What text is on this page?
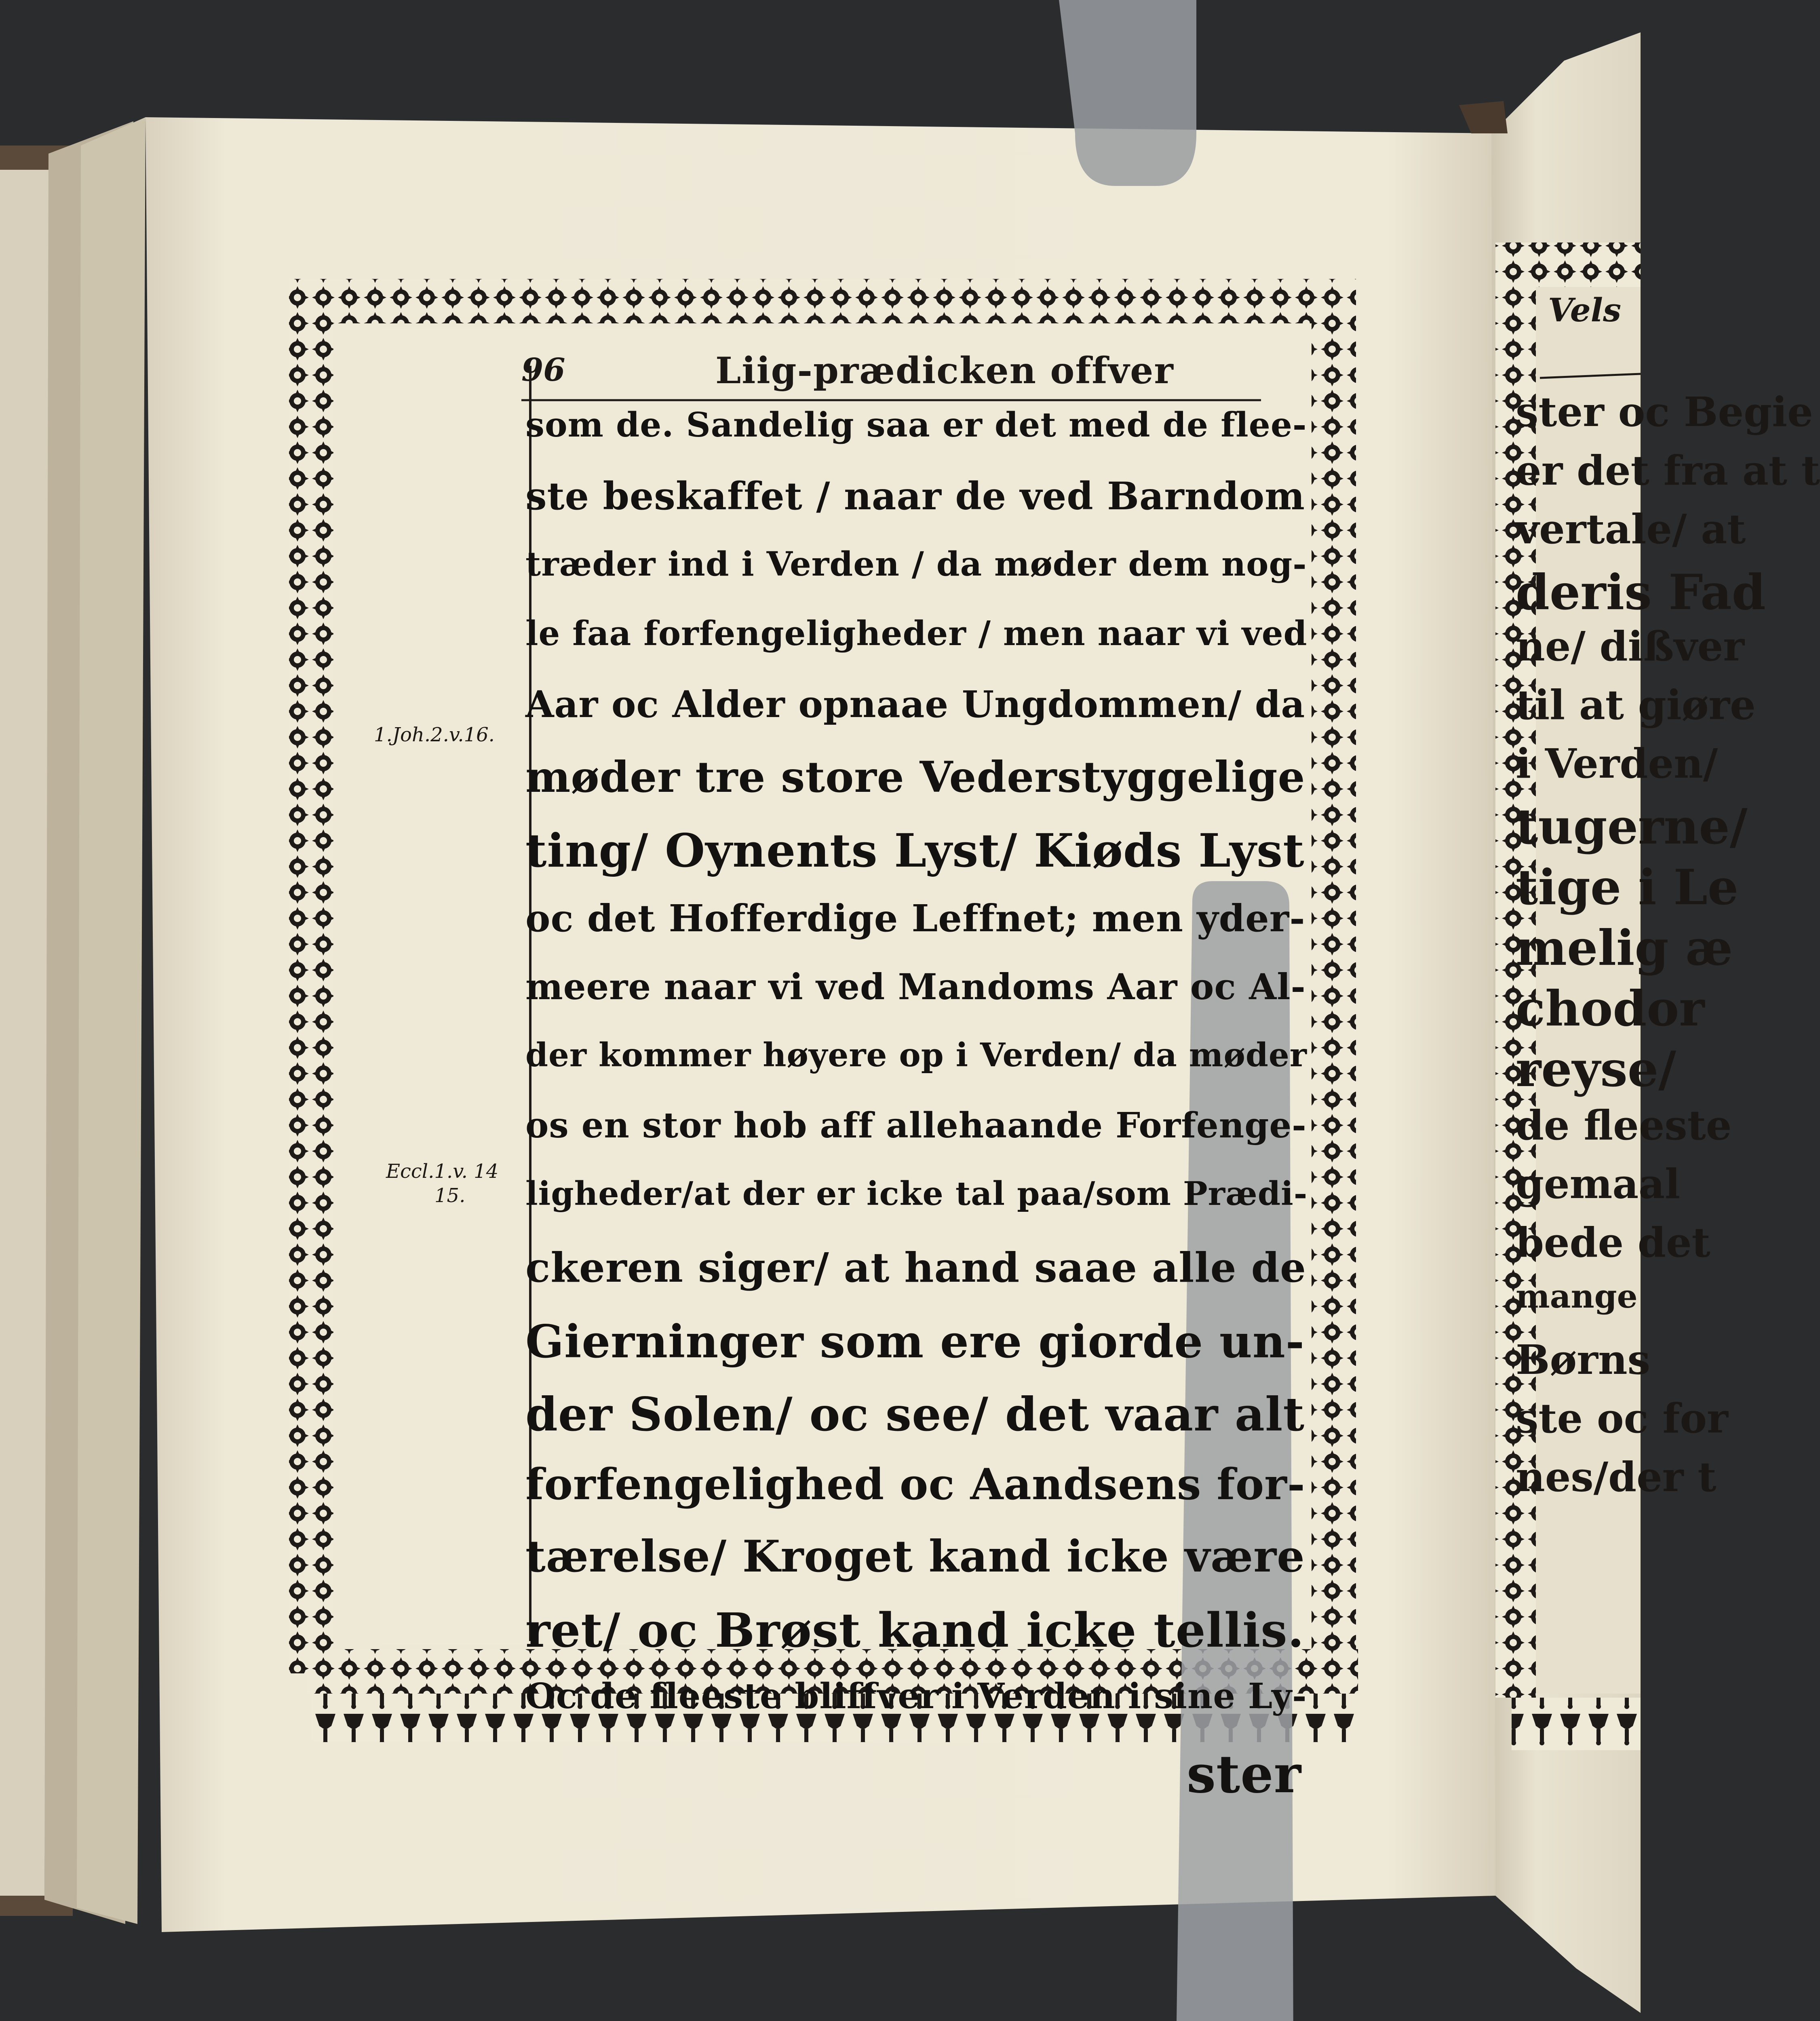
96	Liig-prædicken offver
1.Joh.2.v.16.
Eccl.1.v. 14
15.
som de. Sandelig saa er det med de flee-
ste beskaffet / naar de ved Barndom
træder ind i Verden / da møder dem nog-
le faa forfengeligheder / men naar vi ved
Aar oc Alder opnaae Ungdommen/ da
møder tre store Vederstyggelige
ting/ Oynents Lyst/ Kiøds Lyst
oc det Hofferdige Leffnet; men yder-
meere naar vi ved Mandoms Aar oc Al-
der kommer høyere op i Verden/ da møder
os en stor hob aff allehaande Forfenge-
ligheder/at der er icke tal paa/som Prædi-
ckeren siger/ at hand saae alle de
Gierninger som ere giorde un-
der Solen/ oc see/ det vaar alt
forfengelighed oc Aandsens for-
tærelse/ Kroget kand icke være
ret/ oc Brøst kand icke tellis.
Oc de fleeste bliffver i Verden i sine Ly-
ster
Vels
ster oc Begie
er det fra at t
vertale/ at
deris Fad
ne/ dißver
til at giøre
i Verden/
tugerne/
tige i Le
melig æ
chodor
reyse/
de fleeste
gemaal
bede det
mange
Børns
ste oc for
nes/der t
